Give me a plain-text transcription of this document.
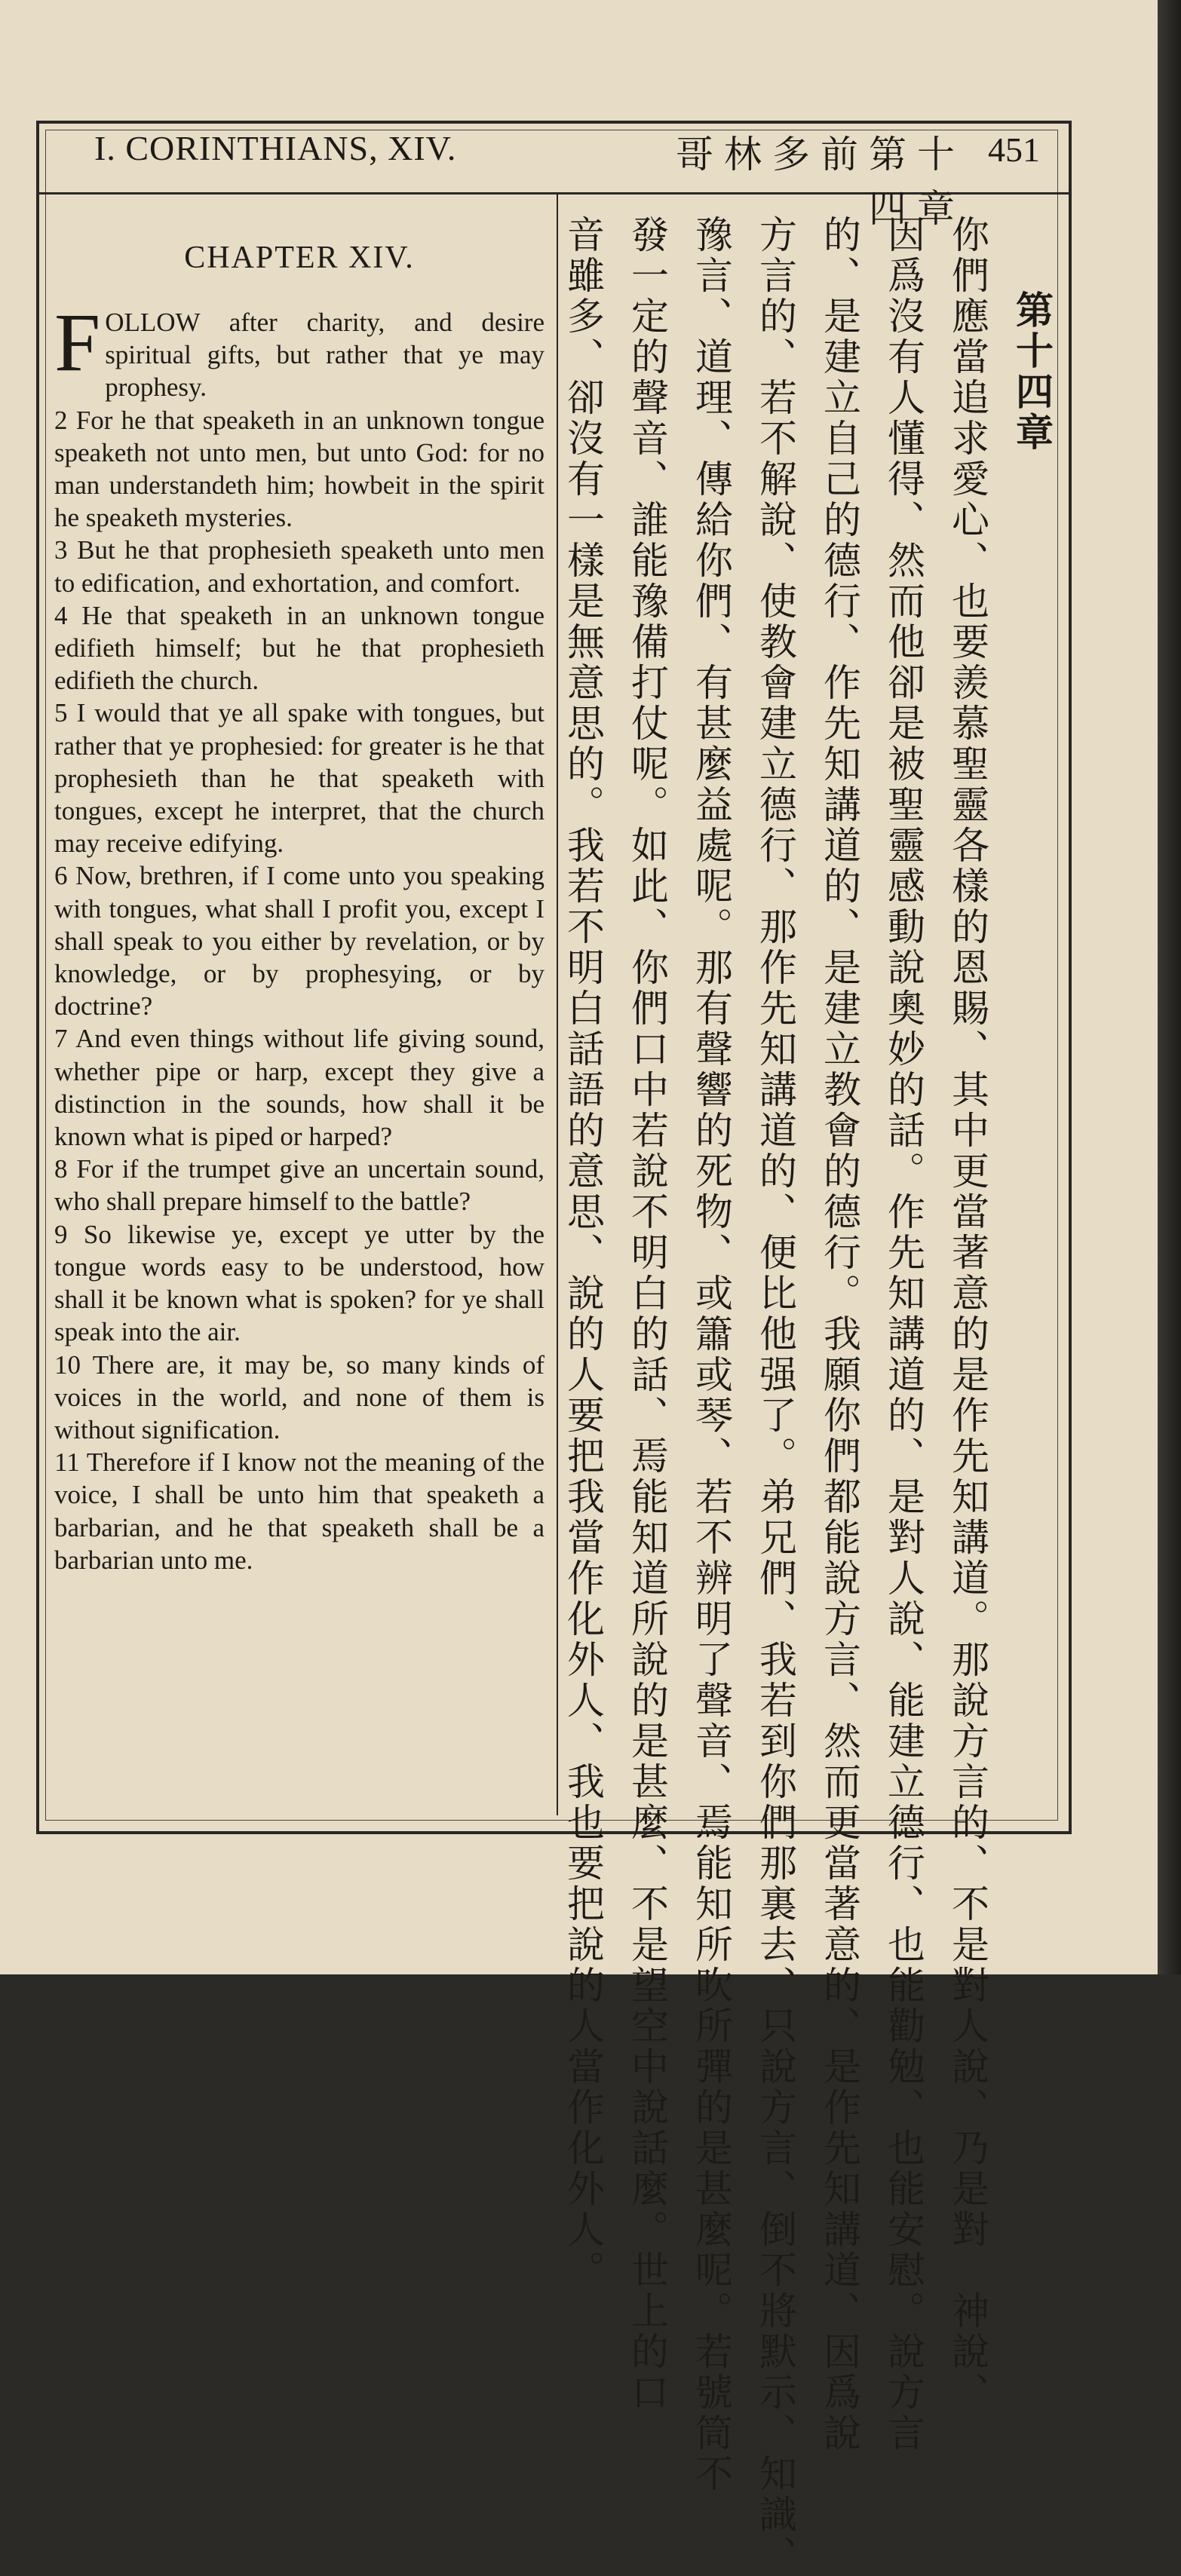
I. CORINTHIANS, XIV.	哥林多前第十四章
451
CHAPTER XIV.

FOLLOW after charity, and desire spiritual gifts, but rather that ye may prophesy.

2 For he that speaketh in an unknown tongue speaketh not unto men, but unto God: for no man understandeth him; howbeit in the spirit he speaketh mysteries.

3 But he that prophesieth speaketh unto men to edification, and exhortation, and comfort.

4 He that speaketh in an unknown tongue edifieth himself; but he that prophesieth edifieth the church.

5 I would that ye all spake with tongues, but rather that ye prophesied: for greater is he that prophesieth than he that speaketh with tongues, except he interpret, that the church may receive edifying.

6 Now, brethren, if I come unto you speaking with tongues, what shall I profit you, except I shall speak to you either by revelation, or by knowledge, or by prophesying, or by doctrine?

7 And even things without life giving sound, whether pipe or harp, except they give a distinction in the sounds, how shall it be known what is piped or harped?

8 For if the trumpet give an uncertain sound, who shall prepare himself to the battle?

9 So likewise ye, except ye utter by the tongue words easy to be understood, how shall it be known what is spoken? for ye shall speak into the air.

10 There are, it may be, so many kinds of voices in the world, and none of them is without signification.

11 Therefore if I know not the meaning of the voice, I shall be unto him that speaketh a barbarian, and he that speaketh shall be a barbarian unto me.

第十四章
你們應當追求愛心、也要羨慕聖靈各樣的恩賜、其中更當著意的是作先知講道。那說方言的、不是對人說、乃是對　神說、
因爲沒有人懂得、然而他卻是被聖靈感動說奧妙的話。作先知講道的、是對人說、能建立德行、也能勸勉、也能安慰。說方言
的、是建立自己的德行、作先知講道的、是建立教會的德行。我願你們都能說方言、然而更當著意的、是作先知講道、因爲說
方言的、若不解說、使教會建立德行、那作先知講道的、便比他强了。弟兄們、我若到你們那裏去、只說方言、倒不將默示、知識、
豫言、道理、傳給你們、有甚麼益處呢。那有聲響的死物、或簫或琴、若不辨明了聲音、焉能知所吹所彈的是甚麼呢。若號筒不
發一定的聲音、誰能豫備打仗呢。如此、你們口中若說不明白的話、焉能知道所說的是甚麼、不是望空中說話麼。世上的口
音雖多、卻沒有一樣是無意思的。我若不明白話語的意思、說的人要把我當作化外人、我也要把說的人當作化外人。
